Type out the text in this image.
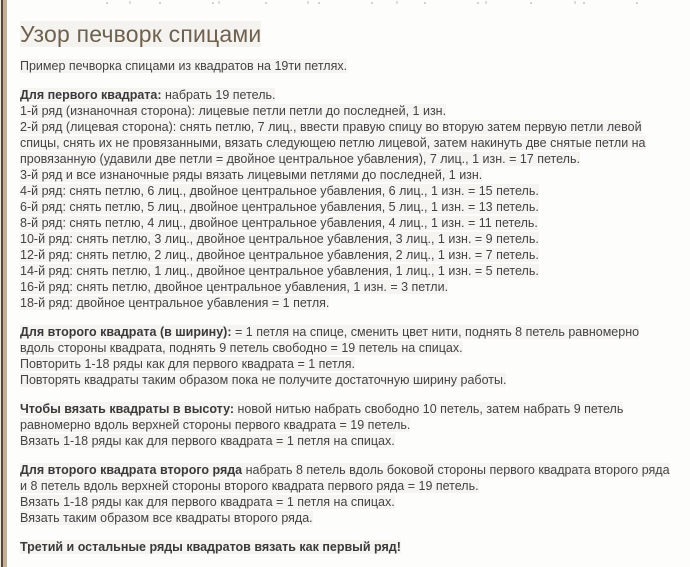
Узор печворк спицами
Пример печворка спицами из квадратов на 19ти петлях.
Для первого квадрата: набрать 19 петель.
1-й ряд (изнаночная сторона): лицевые петли петли до последней, 1 изн.
2-й ряд (лицевая сторона): снять петлю, 7 лиц., ввести правую спицу во вторую затем первую петли левой спицы, снять их не провязанными, вязать следующею петлю лицевой, затем накинуть две снятые петли на провязанную (удавили две петли = двойное центральное убавления), 7 лиц., 1 изн. = 17 петель.
3-й ряд и все изнаночные ряды вязать лицевыми петлями до последней, 1 изн.
4-й ряд: снять петлю, 6 лиц., двойное центральное убавления, 6 лиц., 1 изн. = 15 петель.
6-й ряд: снять петлю, 5 лиц., двойное центральное убавления, 5 лиц., 1 изн. = 13 петель.
8-й ряд: снять петлю, 4 лиц., двойное центральное убавления, 4 лиц., 1 изн. = 11 петель.
10-й ряд: снять петлю, 3 лиц., двойное центральное убавления, 3 лиц., 1 изн. = 9 петель.
12-й ряд: снять петлю, 2 лиц., двойное центральное убавления, 2 лиц., 1 изн. = 7 петель.
14-й ряд: снять петлю, 1 лиц., двойное центральное убавления, 1 лиц., 1 изн. = 5 петель.
16-й ряд: снять петлю, двойное центральное убавления, 1 изн. = 3 петли.
18-й ряд: двойное центральное убавления = 1 петля.
Для второго квадрата (в ширину): = 1 петля на спице, сменить цвет нити, поднять 8 петель равномерно вдоль стороны квадрата, поднять 9 петель свободно = 19 петель на спицах.
Повторить 1-18 ряды как для первого квадрата = 1 петля.
Повторять квадраты таким образом пока не получите достаточную ширину работы.
Чтобы вязать квадраты в высоту: новой нитью набрать свободно 10 петель, затем набрать 9 петель равномерно вдоль верхней стороны первого квадрата = 19 петель.
Вязать 1-18 ряды как для первого квадрата = 1 петля на спицах.
Для второго квадрата второго ряда набрать 8 петель вдоль боковой стороны первого квадрата второго ряда и 8 петель вдоль верхней стороны второго квадрата первого ряда = 19 петель.
Вязать 1-18 ряды как для первого квадрата = 1 петля на спицах.
Вязать таким образом все квадраты второго ряда.
Третий и остальные ряды квадратов вязать как первый ряд!
